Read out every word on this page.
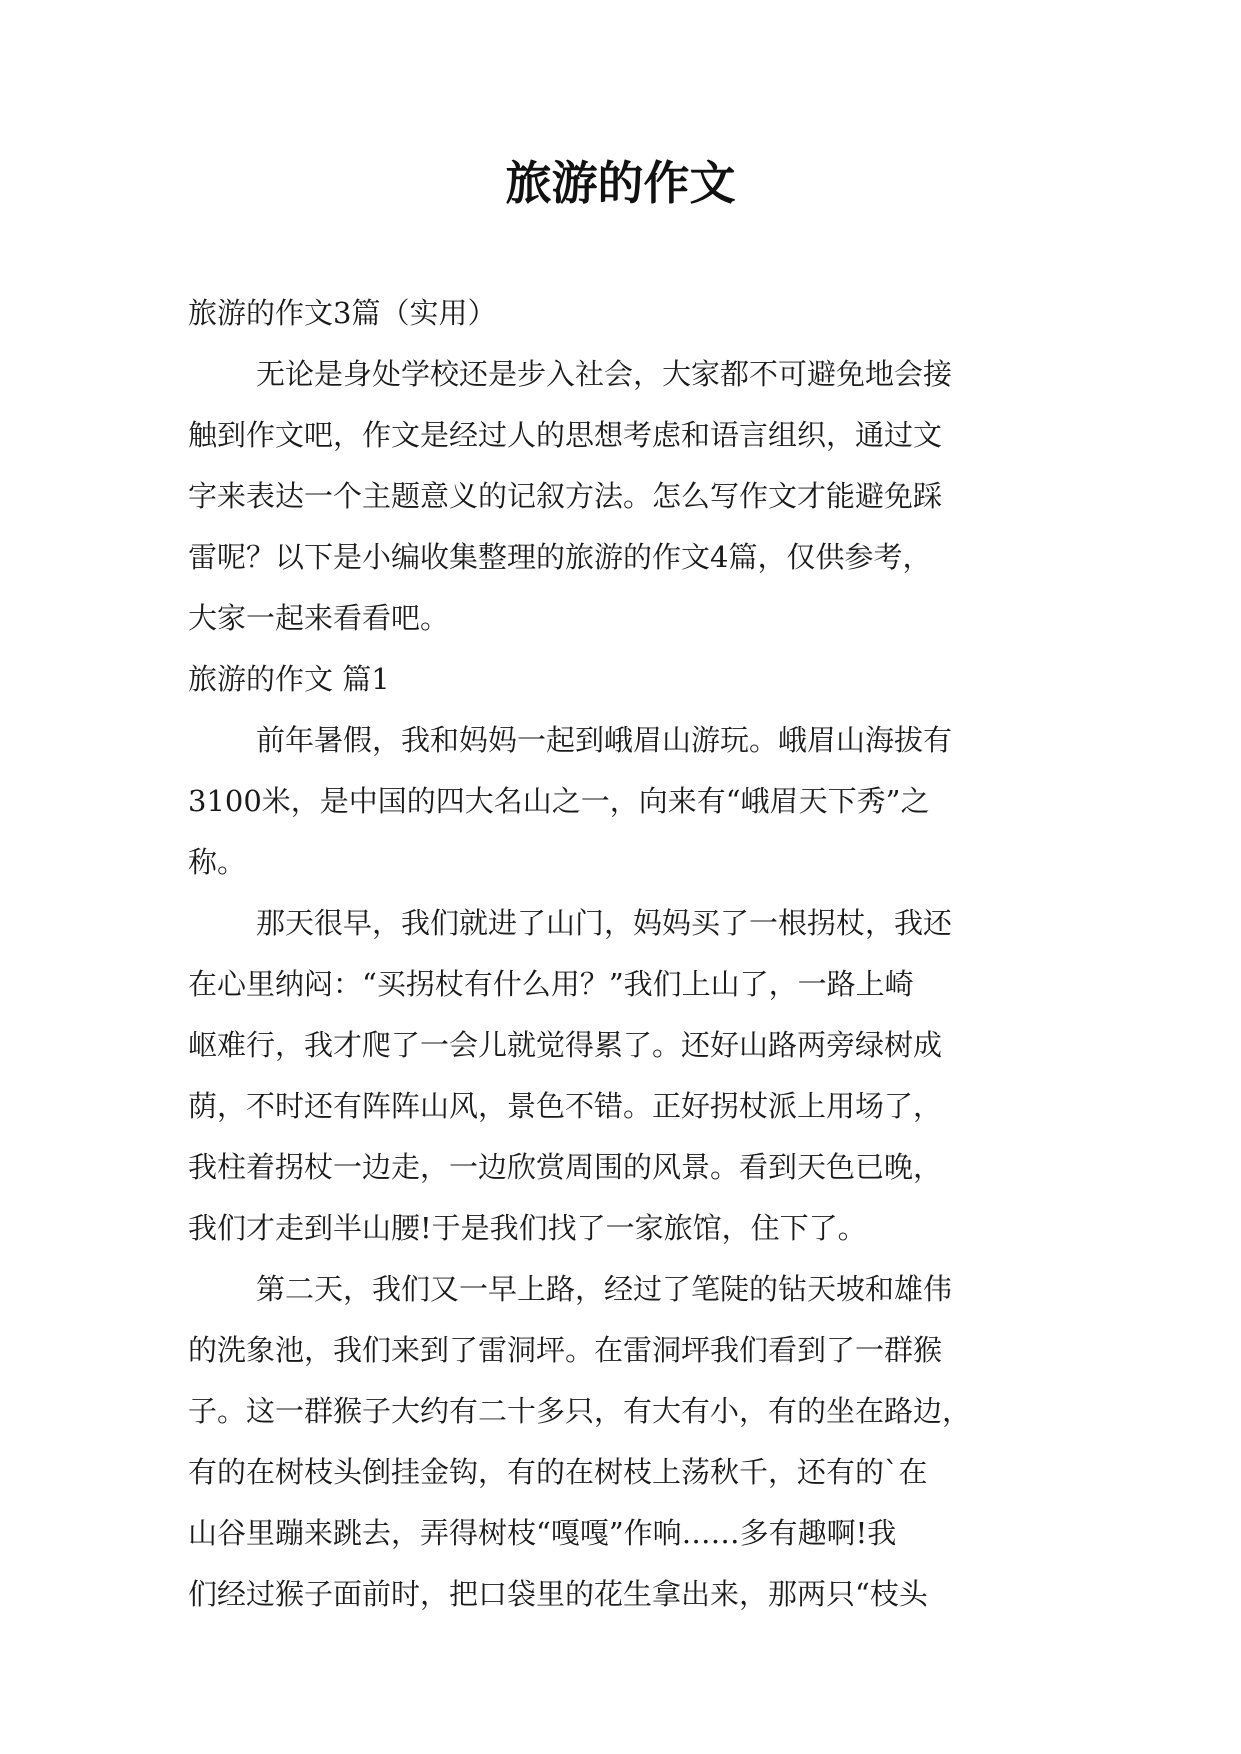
旅游的作文

旅游的作文3篇（实用）

无论是身处学校还是步入社会，大家都不可避免地会接

触到作文吧，作文是经过人的思想考虑和语言组织，通过文

字来表达一个主题意义的记叙方法。怎么写作文才能避免踩

雷呢？以下是小编收集整理的旅游的作文4篇，仅供参考，

大家一起来看看吧。

旅游的作文 篇1

前年暑假，我和妈妈一起到峨眉山游玩。峨眉山海拔有

3100米，是中国的四大名山之一，向来有“峨眉天下秀”之

称。

那天很早，我们就进了山门，妈妈买了一根拐杖，我还

在心里纳闷：“买拐杖有什么用？”我们上山了，一路上崎

岖难行，我才爬了一会儿就觉得累了。还好山路两旁绿树成

荫，不时还有阵阵山风，景色不错。正好拐杖派上用场了，

我柱着拐杖一边走，一边欣赏周围的风景。看到天色已晚，

我们才走到半山腰!于是我们找了一家旅馆，住下了。

第二天，我们又一早上路，经过了笔陡的钻天坡和雄伟

的洗象池，我们来到了雷洞坪。在雷洞坪我们看到了一群猴

子。这一群猴子大约有二十多只，有大有小，有的坐在路边，

有的在树枝头倒挂金钩，有的在树枝上荡秋千，还有的`在

山谷里蹦来跳去，弄得树枝“嘎嘎”作响……多有趣啊!我

们经过猴子面前时，把口袋里的花生拿出来，那两只“枝头
